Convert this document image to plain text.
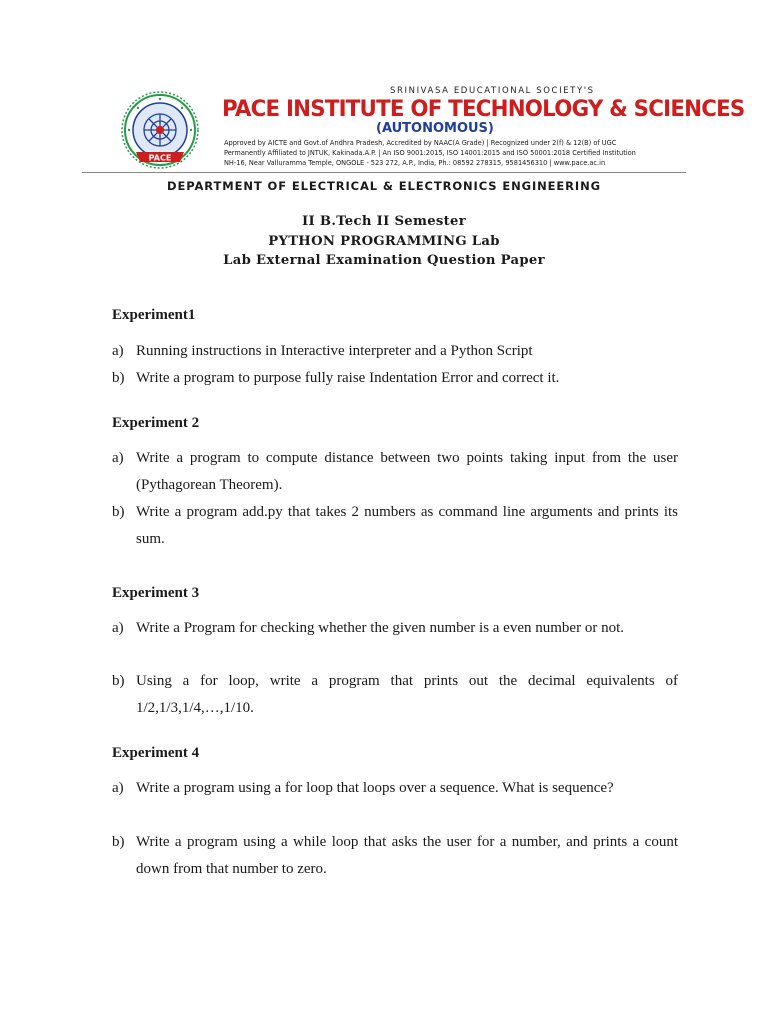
PACE
SRINIVASA EDUCATIONAL SOCIETY'S
PACE INSTITUTE OF TECHNOLOGY & SCIENCES
(AUTONOMOUS)
Approved by AICTE and Govt.of Andhra Pradesh, Accredited by NAAC(A Grade) | Recognized under 2(f) & 12(B) of UGC
Permanently Affiliated to JNTUK, Kakinada.A.P. | An ISO 9001:2015, ISO 14001:2015 and ISO 50001:2018 Certified Institution
NH-16, Near Valluramma Temple, ONGOLE - 523 272, A.P., India, Ph.: 08592 278315, 9581456310 | www.pace.ac.in
DEPARTMENT OF ELECTRICAL & ELECTRONICS ENGINEERING
II B.Tech II Semester
PYTHON PROGRAMMING Lab
Lab External Examination Question Paper
Experiment1
a) Running instructions in Interactive interpreter and a Python Script
b) Write a program to purpose fully raise Indentation Error and correct it.
Experiment 2
a) Write a program to compute distance between two points taking input from the user (Pythagorean Theorem).
b) Write a program add.py that takes 2 numbers as command line arguments and prints its sum.
Experiment 3
a) Write a Program for checking whether the given number is a even number or not.
b) Using a for loop, write a program that prints out the decimal equivalents of 1/2,1/3,1/4,…,1/10.
Experiment 4
a) Write a program using a for loop that loops over a sequence. What is sequence?
b) Write a program using a while loop that asks the user for a number, and prints a count down from that number to zero.
